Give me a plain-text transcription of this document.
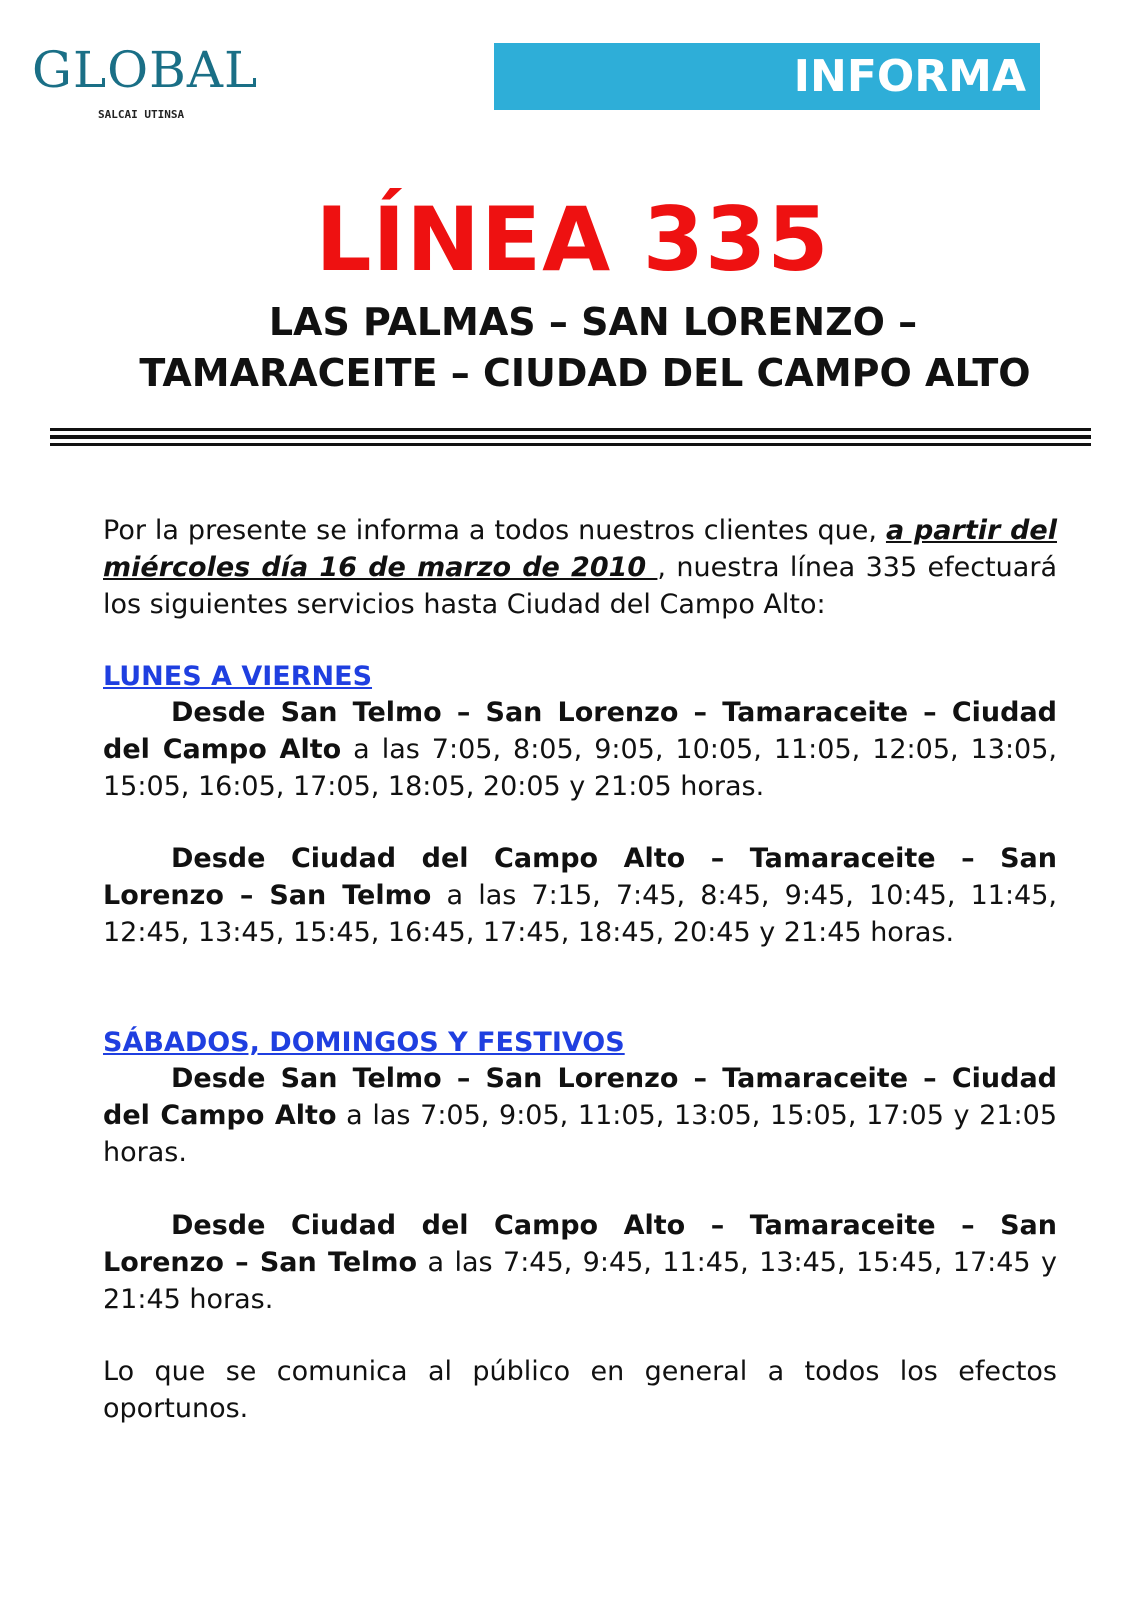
GLOBAL
SALCAI UTINSA
INFORMA
LÍNEA 335
LAS PALMAS – SAN LORENZO –
TAMARACEITE – CIUDAD DEL CAMPO ALTO
Por la presente se informa a todos nuestros clientes que, a partir del miércoles día 16 de marzo de 2010 , nuestra línea 335 efectuará los siguientes servicios hasta Ciudad del Campo Alto:
LUNES A VIERNES
Desde San Telmo – San Lorenzo – Tamaraceite – Ciudad del Campo Alto a las 7:05, 8:05, 9:05, 10:05, 11:05, 12:05, 13:05, 15:05, 16:05, 17:05, 18:05, 20:05 y 21:05 horas.
Desde Ciudad del Campo Alto – Tamaraceite – San Lorenzo – San Telmo a las 7:15, 7:45, 8:45, 9:45, 10:45, 11:45, 12:45, 13:45, 15:45, 16:45, 17:45, 18:45, 20:45 y 21:45 horas.
SÁBADOS, DOMINGOS Y FESTIVOS
Desde San Telmo – San Lorenzo – Tamaraceite – Ciudad del Campo Alto a las 7:05, 9:05, 11:05, 13:05, 15:05, 17:05 y 21:05 horas.
Desde Ciudad del Campo Alto – Tamaraceite – San Lorenzo – San Telmo a las 7:45, 9:45, 11:45, 13:45, 15:45, 17:45 y 21:45 horas.
Lo que se comunica al público en general a todos los efectos oportunos.
